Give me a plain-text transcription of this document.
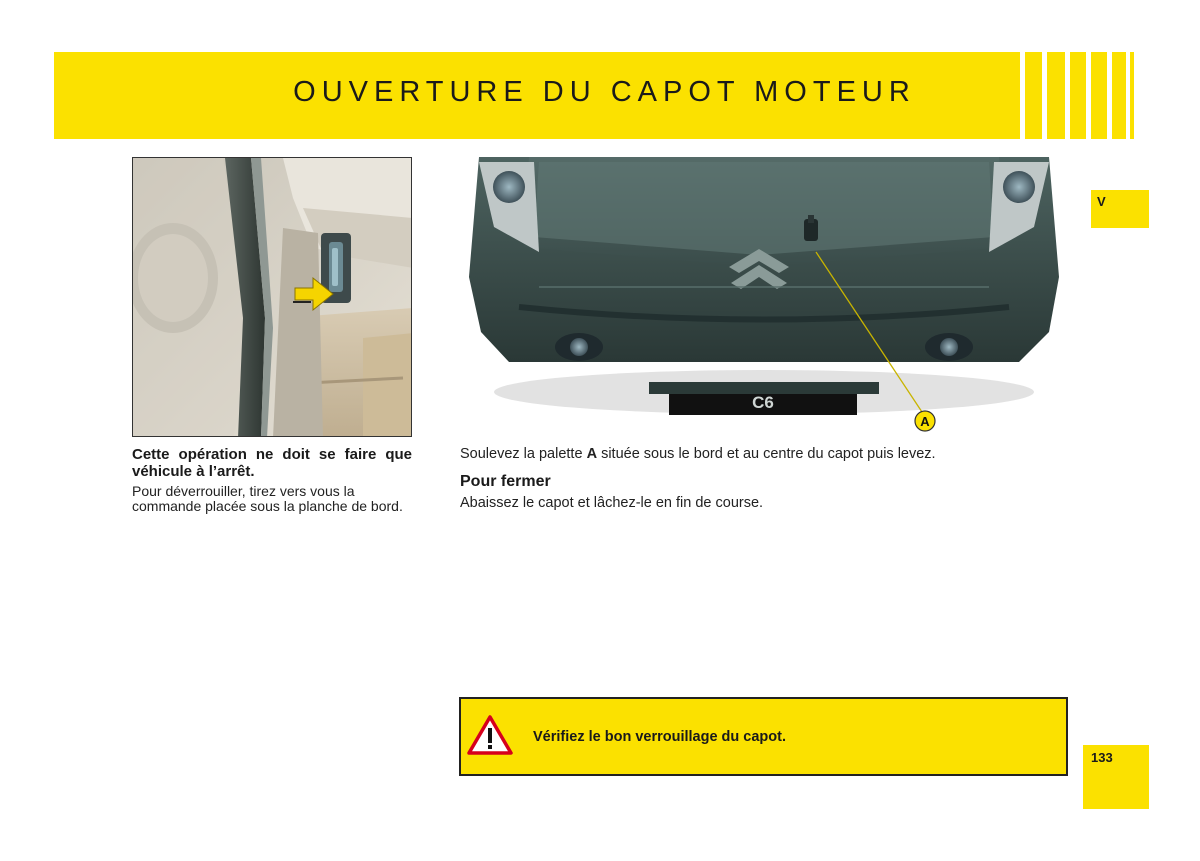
OUVERTURE DU CAPOT MOTEUR
V
C6
A
Cette opération ne doit se faire que véhicule à l’arrêt.
Pour déverrouiller, tirez vers vous la commande placée sous la planche de bord.
Soulevez la palette A située sous le bord et au centre du capot puis levez.
Pour fermer
Abaissez le capot et lâchez-le en fin de course.
Vérifiez le bon verrouillage du capot.
133
